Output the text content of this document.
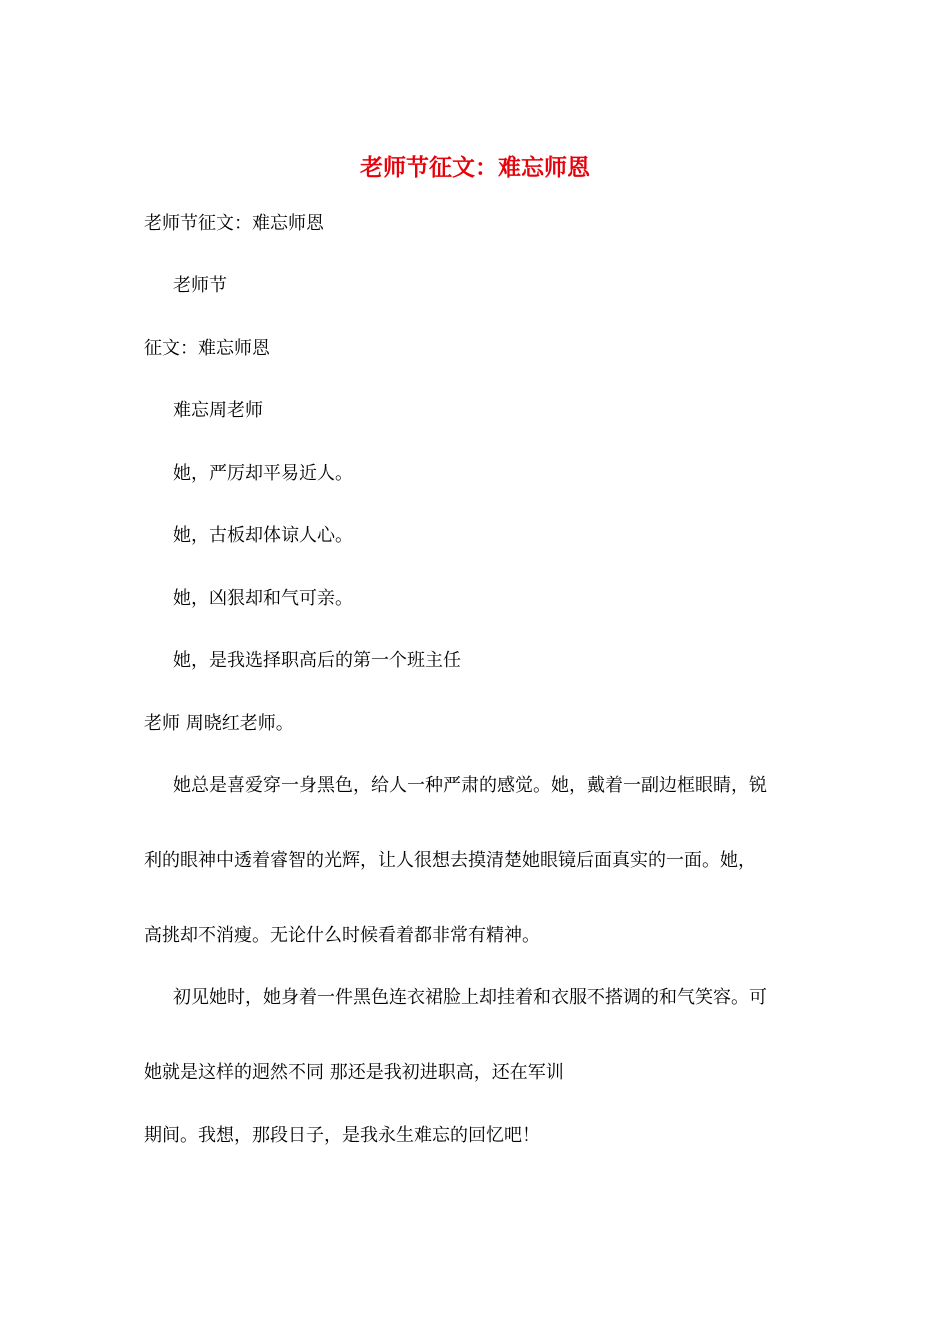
老师节征文：难忘师恩
老师节征文：难忘师恩
老师节
征文：难忘师恩
难忘周老师
她，严厉却平易近人。
她，古板却体谅人心。
她，凶狠却和气可亲。
她，是我选择职高后的第一个班主任
老师 周晓红老师。
她总是喜爱穿一身黑色，给人一种严肃的感觉。她，戴着一副边框眼睛，锐
利的眼神中透着睿智的光辉，让人很想去摸清楚她眼镜后面真实的一面。她，
高挑却不消瘦。无论什么时候看着都非常有精神。
初见她时，她身着一件黑色连衣裙脸上却挂着和衣服不搭调的和气笑容。可
她就是这样的迥然不同 那还是我初进职高，还在军训
期间。我想，那段日子，是我永生难忘的回忆吧！
